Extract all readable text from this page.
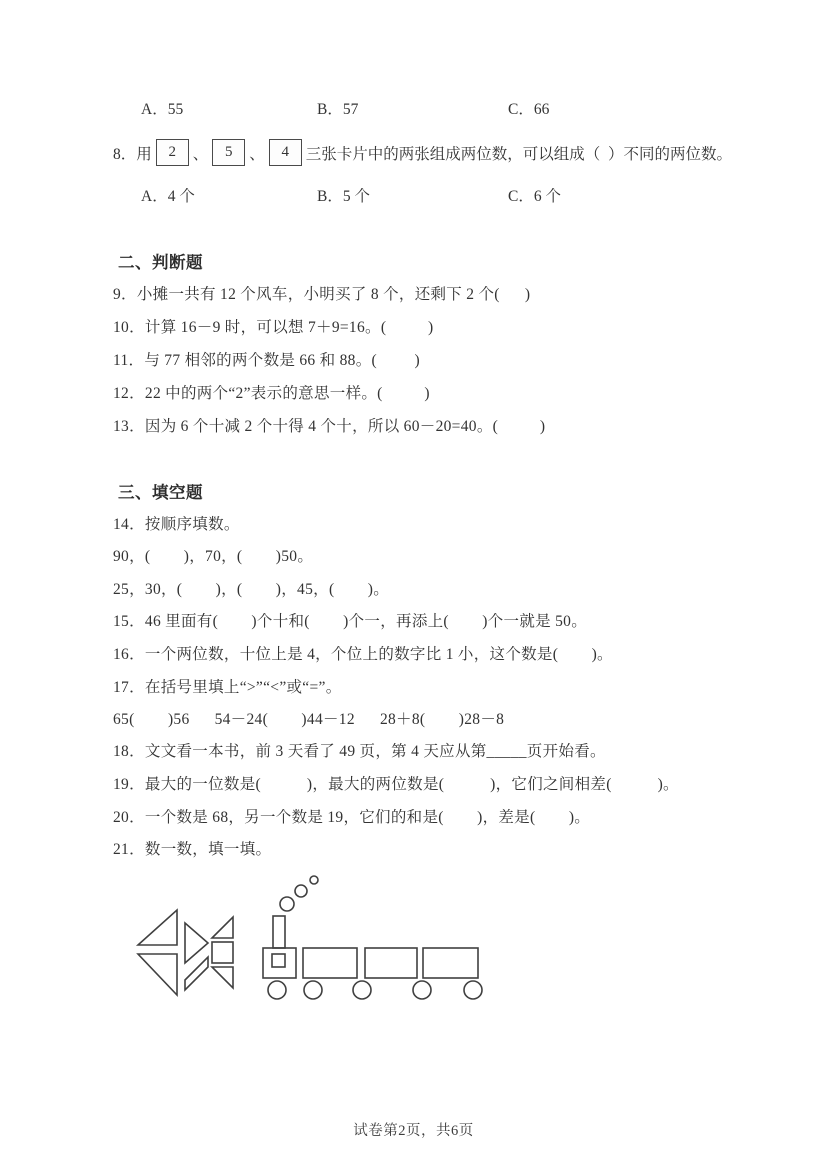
A．55	B．57	C．66
8．用	2	、	5	、	4	三张卡片中的两张组成两位数，可以组成（  ）不同的两位数。
A．4 个	B．5 个	C．6 个
二、判断题
9．小摊一共有 12 个风车，小明买了 8 个，还剩下 2 个(      )
10．计算 16－9 时，可以想 7＋9=16。(          )
11．与 77 相邻的两个数是 66 和 88。(         )
12．22 中的两个“2”表示的意思一样。(          )
13．因为 6 个十减 2 个十得 4 个十，所以 60－20=40。(          )
三、填空题
14．按顺序填数。
90，(        )，70，(        )50。
25，30，(        )，(        )，45，(        )。
15．46 里面有(        )个十和(        )个一，再添上(        )个一就是 50。
16．一个两位数，十位上是 4，个位上的数字比 1 小，这个数是(        )。
17．在括号里填上“>”“<”或“=”。
65(        )56      54－24(        )44－12      28＋8(        )28－8
18．文文看一本书，前 3 天看了 49 页，第 4 天应从第_____页开始看。
19．最大的一位数是(           )，最大的两位数是(           )，它们之间相差(           )。
20．一个数是 68，另一个数是 19，它们的和是(        )，差是(        )。
21．数一数，填一填。
试卷第2页，共6页
